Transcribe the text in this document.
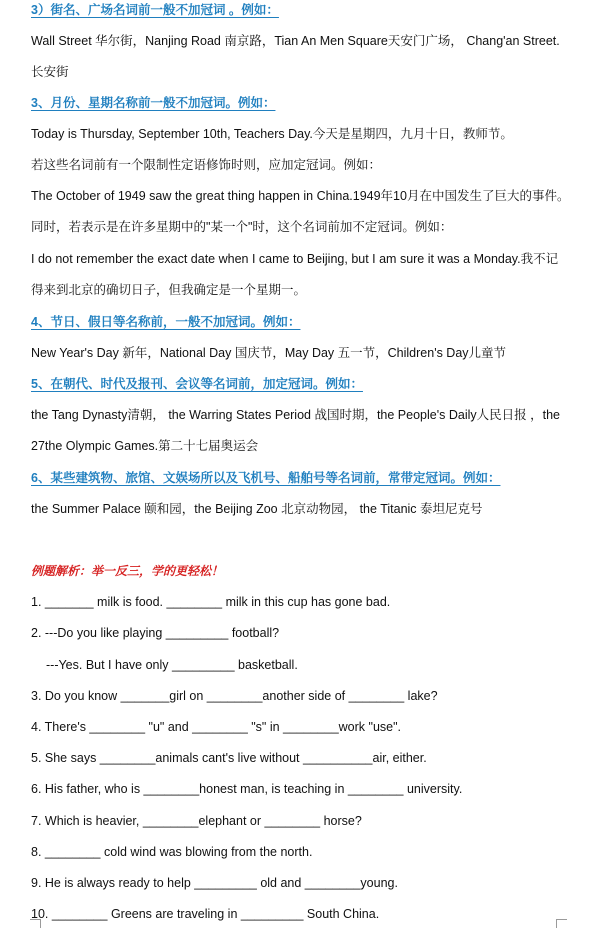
3）街名、广场名词前一般不加冠词 。例如：
Wall Street 华尔街，Nanjing Road 南京路，Tian An Men Square天安门广场， Chang'an Street.
长安街
3、月份、星期名称前一般不加冠词。例如：
Today is Thursday, September 10th, Teachers Day.今天是星期四，九月十日，教师节。
若这些名词前有一个限制性定语修饰时则，应加定冠词。例如：
The October of 1949 saw the great thing happen in China.1949年10月在中国发生了巨大的事件。
同时，若表示是在许多星期中的"某一个"时，这个名词前加不定冠词。例如：
I do not remember the exact date when I came to Beijing, but I am sure it was a Monday.我不记
得来到北京的确切日子，但我确定是一个星期一。
4、节日、假日等名称前，一般不加冠词。例如：
New Year's Day 新年，National Day 国庆节，May Day 五一节，Children's Day儿童节
5、在朝代、时代及报刊、会议等名词前，加定冠词。例如：
the Tang Dynasty清朝， the Warring States Period 战国时期，the People's Daily人民日报 ，the
27the Olympic Games.第二十七届奥运会
6、某些建筑物、旅馆、文娱场所以及飞机号、船舶号等名词前，常带定冠词。例如：
the Summer Palace 颐和园，the Beijing Zoo 北京动物园， the Titanic 泰坦尼克号
例题解析：举一反三，学的更轻松！
1. _______ milk is food. ________ milk in this cup has gone bad.
2. ---Do you like playing _________ football?
---Yes. But I have only _________ basketball.
3. Do you know _______girl on ________another side of ________ lake?
4. There's ________ "u" and ________ "s" in ________work "use".
5. She says ________animals cant's live without __________air, either.
6. His father, who is ________honest man, is teaching in ________ university.
7. Which is heavier, ________elephant or ________ horse?
8. ________ cold wind was blowing from the north.
9. He is always ready to help _________ old and ________young.
10. ________ Greens are traveling in _________ South China.
